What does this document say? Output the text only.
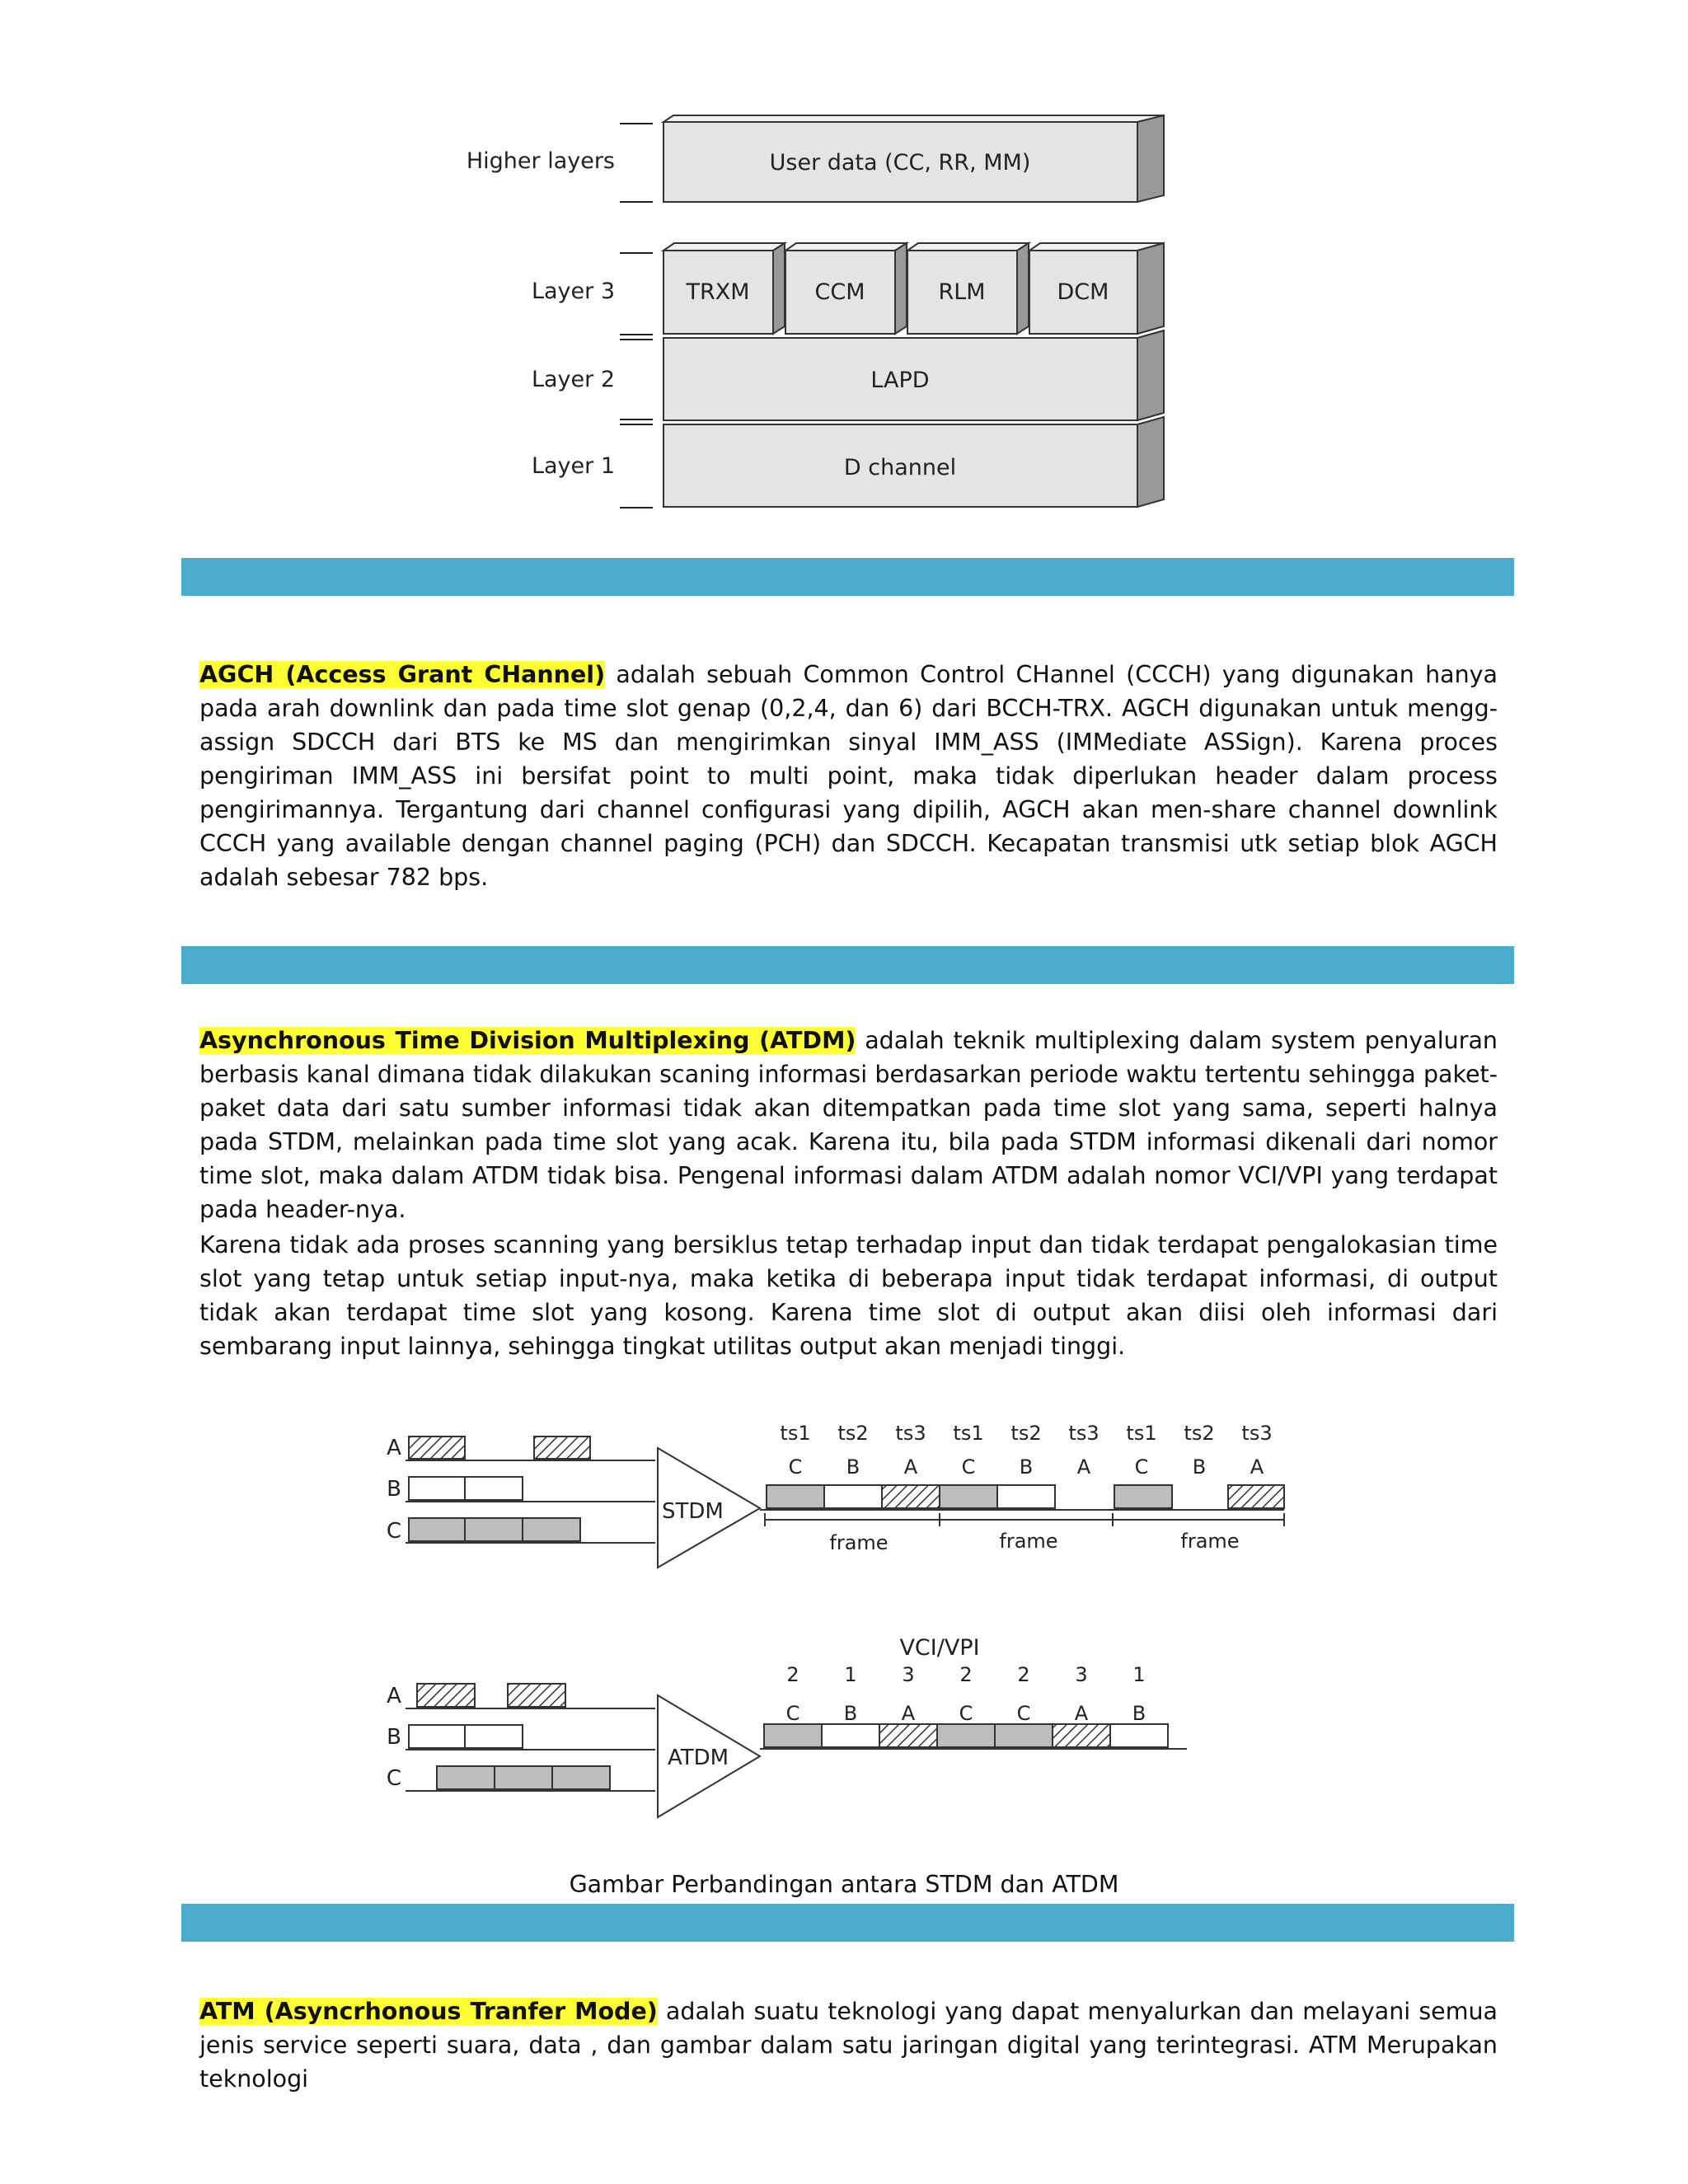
Higher layers
Layer 3
Layer 2
Layer 1
User data (CC, RR, MM)
TRXM	CCM	RLM	DCM
LAPD
D channel

AGCH (Access Grant CHannel) adalah sebuah Common Control CHannel (CCCH) yang digunakan hanya pada arah downlink dan pada time slot genap (0,2,4, dan 6) dari BCCH-TRX. AGCH digunakan untuk mengg-assign SDCCH dari BTS ke MS dan mengirimkan sinyal IMM_ASS (IMMediate ASSign). Karena proces pengiriman IMM_ASS ini bersifat point to multi point, maka tidak diperlukan header dalam process pengirimannya. Tergantung dari channel configurasi yang dipilih, AGCH akan men-share channel downlink CCCH yang available dengan channel paging (PCH) dan SDCCH. Kecapatan transmisi utk setiap blok AGCH adalah sebesar 782 bps.

Asynchronous Time Division Multiplexing (ATDM) adalah teknik multiplexing dalam system penyaluran berbasis kanal dimana tidak dilakukan scaning informasi berdasarkan periode waktu tertentu sehingga paket-paket data dari satu sumber informasi tidak akan ditempatkan pada time slot yang sama, seperti halnya pada STDM, melainkan pada time slot yang acak. Karena itu, bila pada STDM informasi dikenali dari nomor time slot, maka dalam ATDM tidak bisa. Pengenal informasi dalam ATDM adalah nomor VCI/VPI yang terdapat pada header-nya.

Karena tidak ada proses scanning yang bersiklus tetap terhadap input dan tidak terdapat pengalokasian time slot yang tetap untuk setiap input-nya, maka ketika di beberapa input tidak terdapat informasi, di output tidak akan terdapat time slot yang kosong. Karena time slot di output akan diisi oleh informasi dari sembarang input lainnya, sehingga tingkat utilitas output akan menjadi tinggi.

A
B
C
STDM
ts1 ts2 ts3 ts1 ts2 ts3 ts1 ts2 ts3
C B A C B A C B A
frame	frame	frame
A
B
C
ATDM
VCI/VPI
2 1 3 2 2 3 1
C B A C C A B
Gambar Perbandingan antara STDM dan ATDM

ATM (Asyncrhonous Tranfer Mode) adalah suatu teknologi yang dapat menyalurkan dan melayani semua jenis service seperti suara, data , dan gambar dalam satu jaringan digital yang terintegrasi. ATM Merupakan teknologi
